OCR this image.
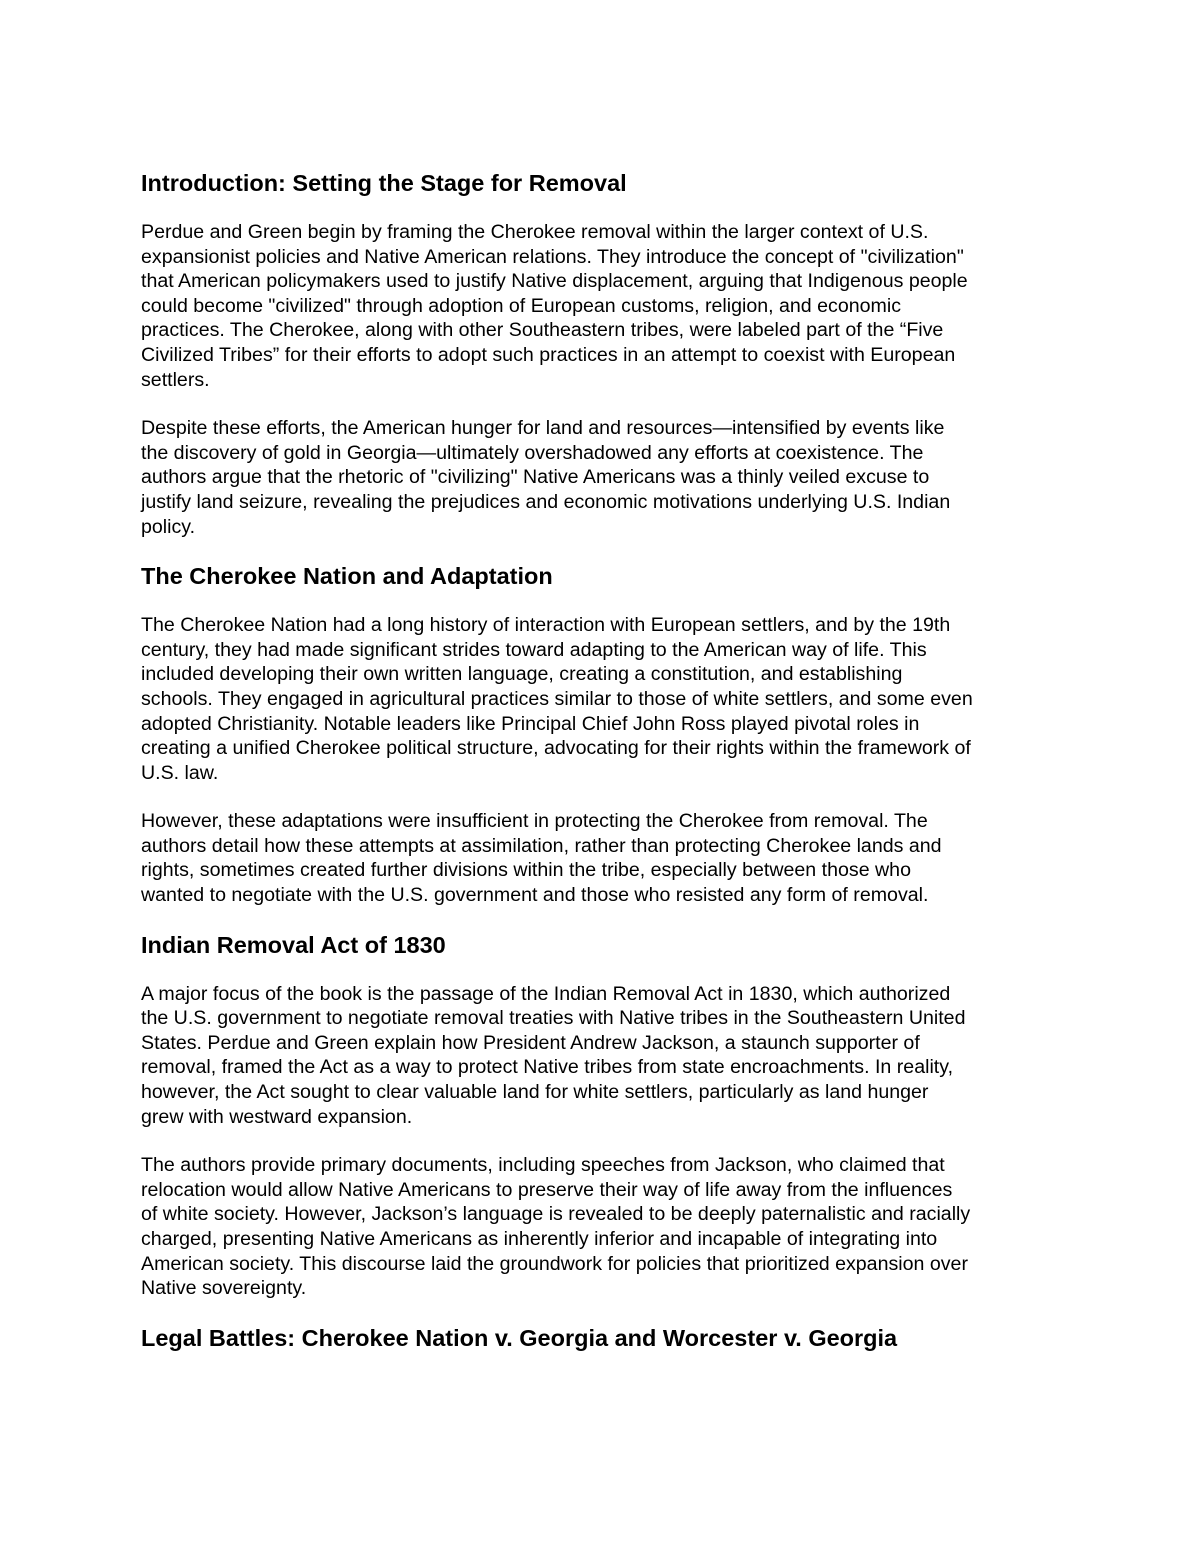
Introduction: Setting the Stage for Removal

Perdue and Green begin by framing the Cherokee removal within the larger context of U.S.
expansionist policies and Native American relations. They introduce the concept of "civilization"
that American policymakers used to justify Native displacement, arguing that Indigenous people
could become "civilized" through adoption of European customs, religion, and economic
practices. The Cherokee, along with other Southeastern tribes, were labeled part of the “Five
Civilized Tribes” for their efforts to adopt such practices in an attempt to coexist with European
settlers.

Despite these efforts, the American hunger for land and resources—intensified by events like
the discovery of gold in Georgia—ultimately overshadowed any efforts at coexistence. The
authors argue that the rhetoric of "civilizing" Native Americans was a thinly veiled excuse to
justify land seizure, revealing the prejudices and economic motivations underlying U.S. Indian
policy.

The Cherokee Nation and Adaptation

The Cherokee Nation had a long history of interaction with European settlers, and by the 19th
century, they had made significant strides toward adapting to the American way of life. This
included developing their own written language, creating a constitution, and establishing
schools. They engaged in agricultural practices similar to those of white settlers, and some even
adopted Christianity. Notable leaders like Principal Chief John Ross played pivotal roles in
creating a unified Cherokee political structure, advocating for their rights within the framework of
U.S. law.

However, these adaptations were insufficient in protecting the Cherokee from removal. The
authors detail how these attempts at assimilation, rather than protecting Cherokee lands and
rights, sometimes created further divisions within the tribe, especially between those who
wanted to negotiate with the U.S. government and those who resisted any form of removal.

Indian Removal Act of 1830

A major focus of the book is the passage of the Indian Removal Act in 1830, which authorized
the U.S. government to negotiate removal treaties with Native tribes in the Southeastern United
States. Perdue and Green explain how President Andrew Jackson, a staunch supporter of
removal, framed the Act as a way to protect Native tribes from state encroachments. In reality,
however, the Act sought to clear valuable land for white settlers, particularly as land hunger
grew with westward expansion.

The authors provide primary documents, including speeches from Jackson, who claimed that
relocation would allow Native Americans to preserve their way of life away from the influences
of white society. However, Jackson’s language is revealed to be deeply paternalistic and racially
charged, presenting Native Americans as inherently inferior and incapable of integrating into
American society. This discourse laid the groundwork for policies that prioritized expansion over
Native sovereignty.

Legal Battles: Cherokee Nation v. Georgia and Worcester v. Georgia
